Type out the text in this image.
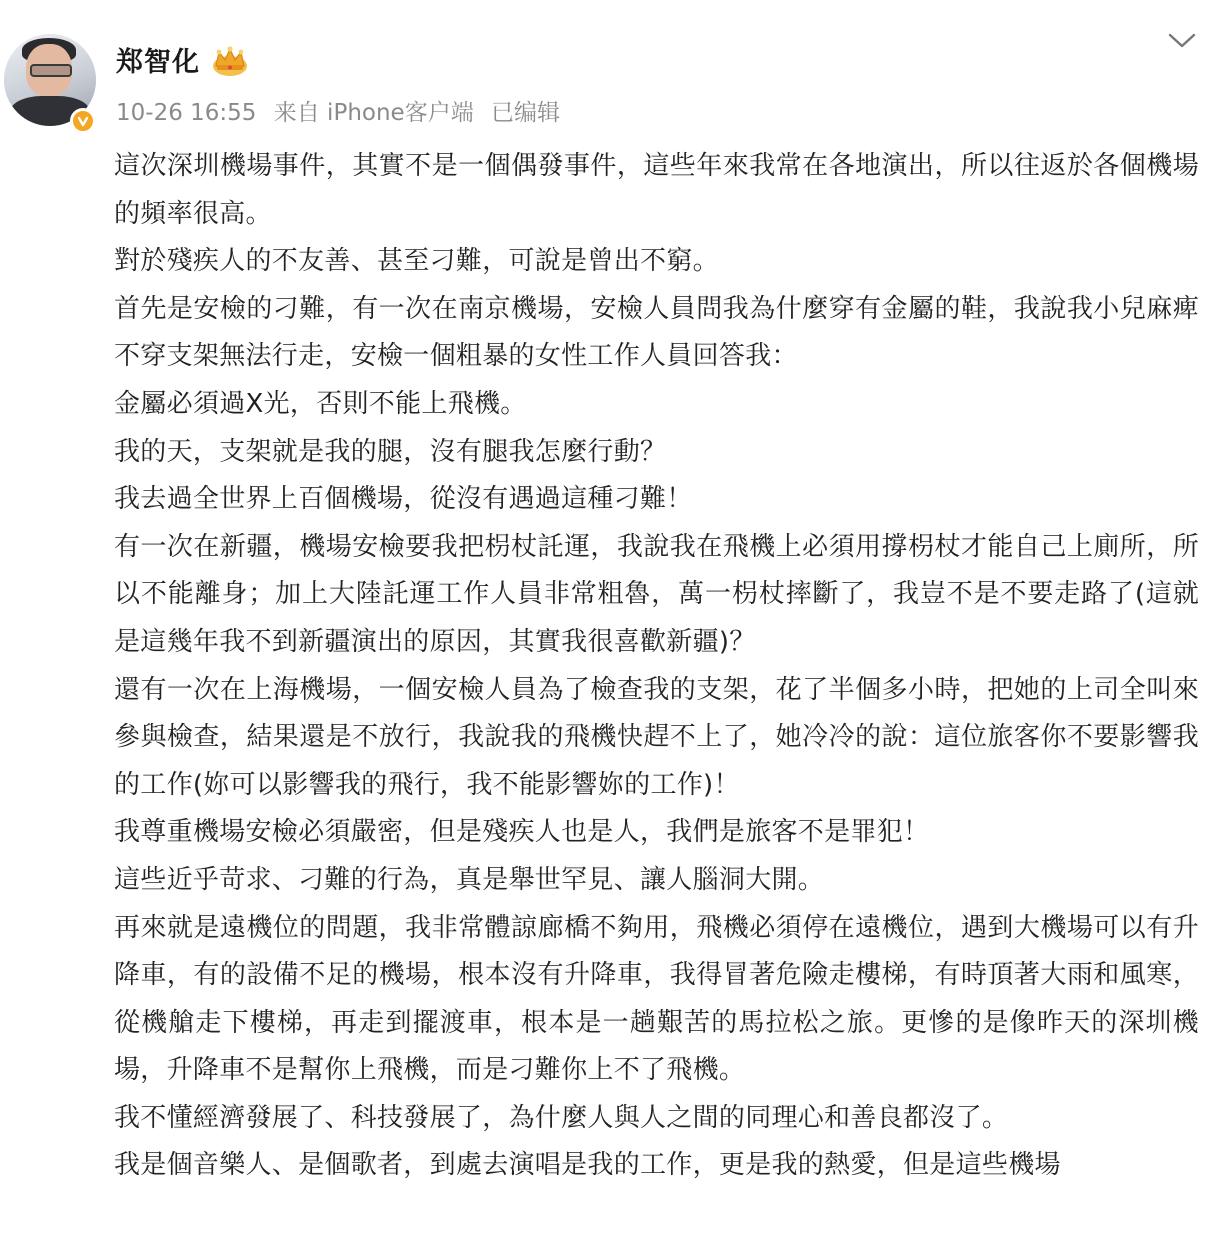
郑智化
10-26 16:55 来自 iPhone客户端 已编辑

這次深圳機場事件，其實不是一個偶發事件，這些年來我常在各地演出，所以往返於各個機場的頻率很高。

對於殘疾人的不友善、甚至刁難，可說是曾出不窮。

首先是安檢的刁難，有一次在南京機場，安檢人員問我為什麼穿有金屬的鞋，我說我小兒麻痺不穿支架無法行走，安檢一個粗暴的女性工作人員回答我：

金屬必須過X光，否則不能上飛機。

我的天，支架就是我的腿，沒有腿我怎麼行動？

我去過全世界上百個機場，從沒有遇過這種刁難！

有一次在新疆，機場安檢要我把枴杖託運，我說我在飛機上必須用撐枴杖才能自己上廁所，所以不能離身；加上大陸託運工作人員非常粗魯，萬一枴杖摔斷了，我豈不是不要走路了(這就是這幾年我不到新疆演出的原因，其實我很喜歡新疆)？

還有一次在上海機場，一個安檢人員為了檢查我的支架，花了半個多小時，把她的上司全叫來參與檢查，結果還是不放行，我說我的飛機快趕不上了，她冷冷的說：這位旅客你不要影響我的工作(妳可以影響我的飛行，我不能影響妳的工作)！

我尊重機場安檢必須嚴密，但是殘疾人也是人，我們是旅客不是罪犯！

這些近乎苛求、刁難的行為，真是舉世罕見、讓人腦洞大開。

再來就是遠機位的問題，我非常體諒廊橋不夠用，飛機必須停在遠機位，遇到大機場可以有升降車，有的設備不足的機場，根本沒有升降車，我得冒著危險走樓梯，有時頂著大雨和風寒，從機艙走下樓梯，再走到擺渡車，根本是一趟艱苦的馬拉松之旅。更慘的是像昨天的深圳機場，升降車不是幫你上飛機，而是刁難你上不了飛機。

我不懂經濟發展了、科技發展了，為什麼人與人之間的同理心和善良都沒了。

我是個音樂人、是個歌者，到處去演唱是我的工作，更是我的熱愛，但是這些機場
